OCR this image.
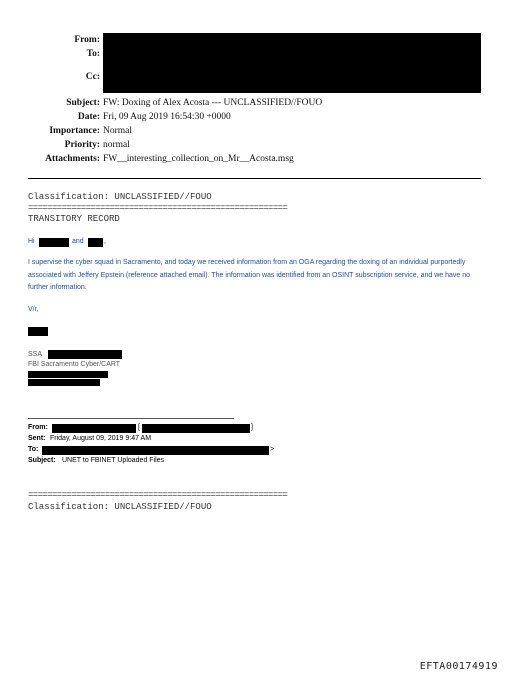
From:
To:
Cc:
Subject: FW: Doxing of Alex Acosta --- UNCLASSIFIED//FOUO
Date: Fri, 09 Aug 2019 16:54:30 +0000
Importance: Normal
Priority: normal
Attachments: FW__interesting_collection_on_Mr__Acosta.msg
Classification: UNCLASSIFIED//FOUO
======================================================
TRANSITORY RECORD
Hi	and	,
I supervise the cyber squad in Sacramento, and today we received information from an OGA regarding the doxing of an individual purportedly associated with Jeffery Epstein (reference attached email). The information was identified from an OSINT subscription service, and we have no further information.
V/r,
SSA
FBI Sacramento Cyber/CART
From:	[	]
Sent: Friday, August 09, 2019 9:47 AM
To:	>
Subject: UNET to FBINET Uploaded Files
======================================================
Classification: UNCLASSIFIED//FOUO
EFTA00174919
